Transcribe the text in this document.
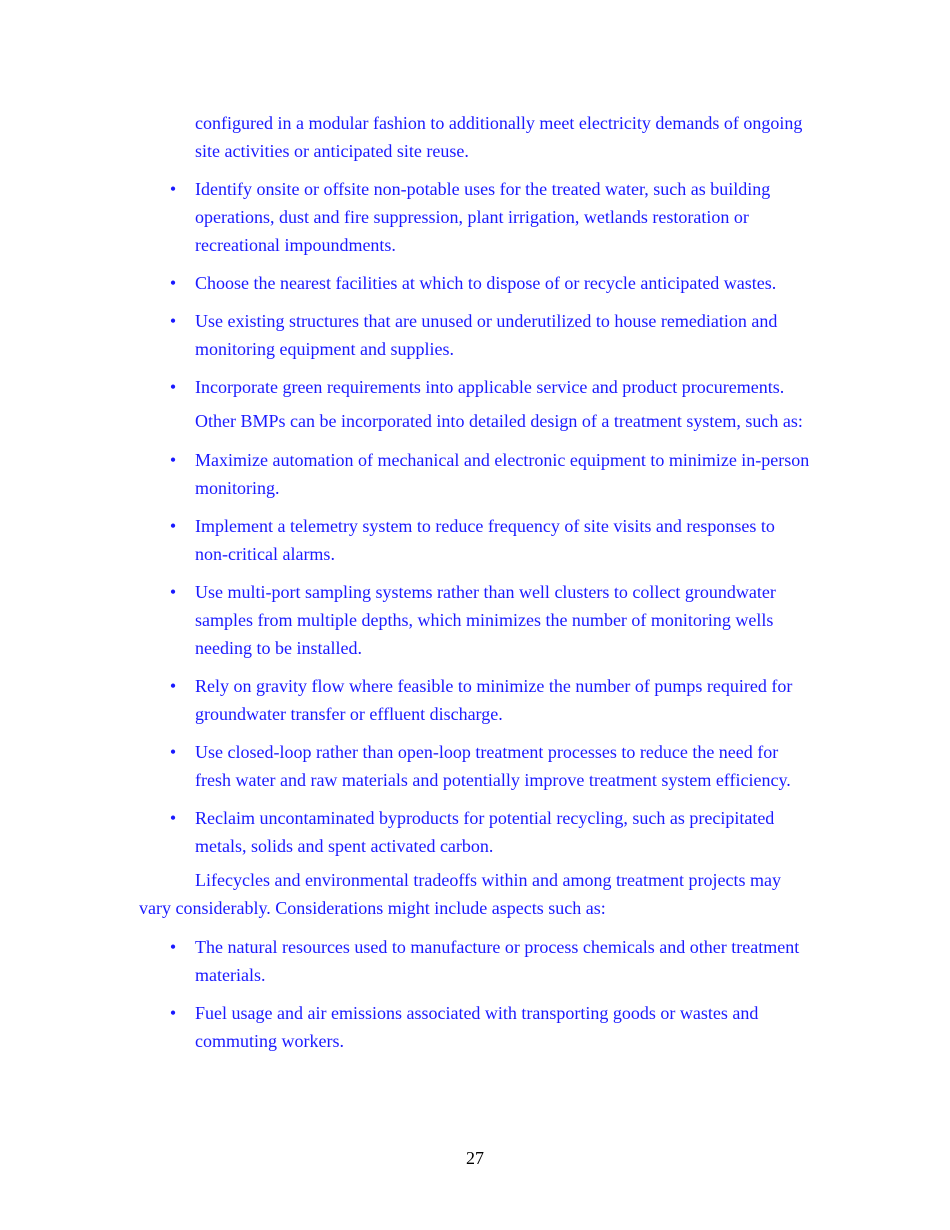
configured in a modular fashion to additionally meet electricity demands of ongoing site activities or anticipated site reuse.

• Identify onsite or offsite non-potable uses for the treated water, such as building operations, dust and fire suppression, plant irrigation, wetlands restoration or recreational impoundments.
• Choose the nearest facilities at which to dispose of or recycle anticipated wastes.
• Use existing structures that are unused or underutilized to house remediation and monitoring equipment and supplies.
• Incorporate green requirements into applicable service and product procurements.

Other BMPs can be incorporated into detailed design of a treatment system, such as:

• Maximize automation of mechanical and electronic equipment to minimize in-person monitoring.
• Implement a telemetry system to reduce frequency of site visits and responses to non-critical alarms.
• Use multi-port sampling systems rather than well clusters to collect groundwater samples from multiple depths, which minimizes the number of monitoring wells needing to be installed.
• Rely on gravity flow where feasible to minimize the number of pumps required for groundwater transfer or effluent discharge.
• Use closed-loop rather than open-loop treatment processes to reduce the need for fresh water and raw materials and potentially improve treatment system efficiency.
• Reclaim uncontaminated byproducts for potential recycling, such as precipitated metals, solids and spent activated carbon.

Lifecycles and environmental tradeoffs within and among treatment projects may vary considerably. Considerations might include aspects such as:

• The natural resources used to manufacture or process chemicals and other treatment materials.
• Fuel usage and air emissions associated with transporting goods or wastes and commuting workers.
27
